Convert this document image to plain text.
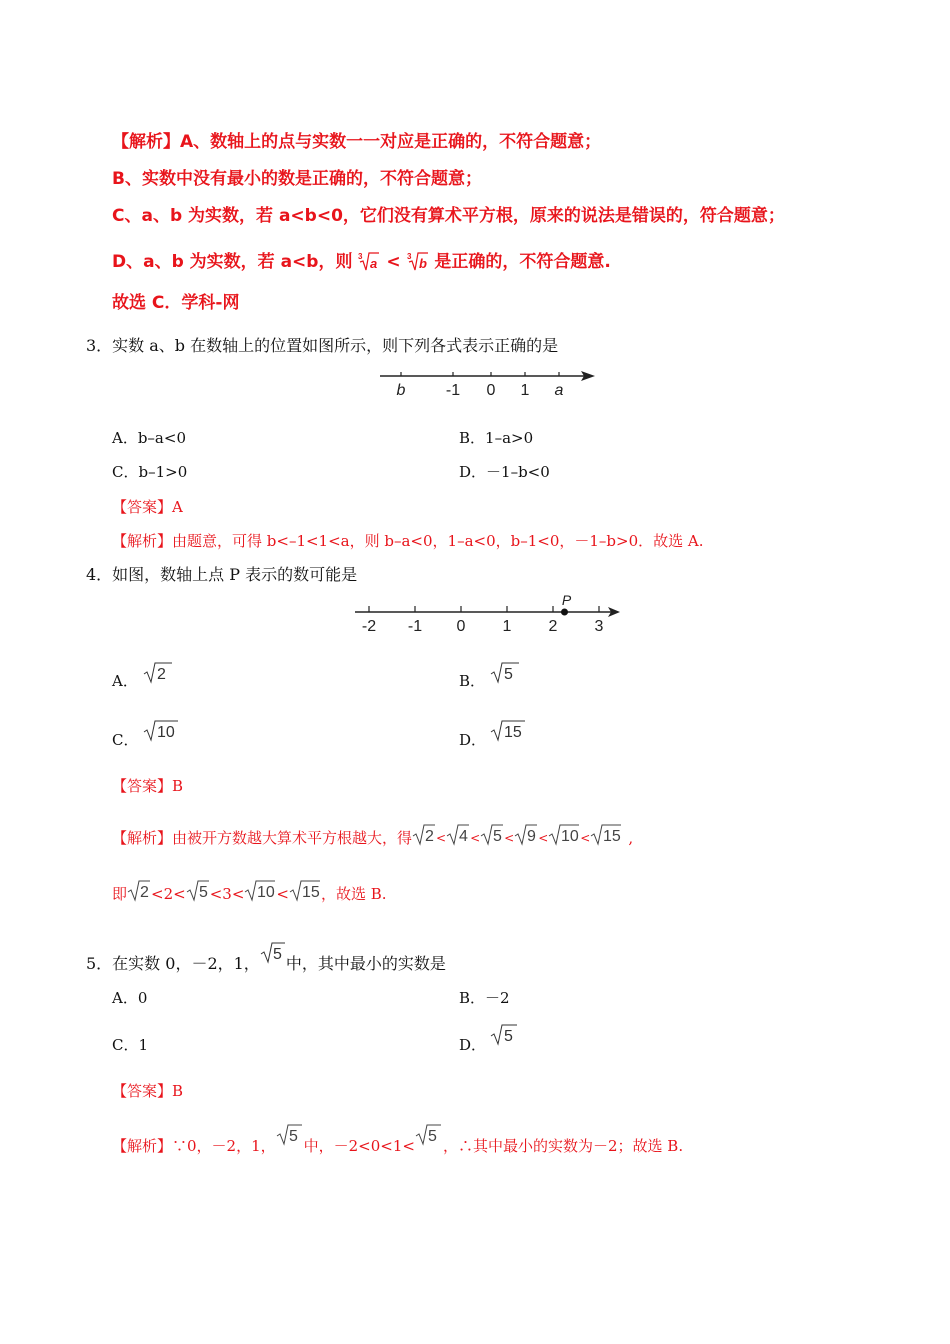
【解析】A、数轴上的点与实数一一对应是正确的，不符合题意；
B、实数中没有最小的数是正确的，不符合题意；
C、a、b 为实数，若 a<b<0，它们没有算术平方根，原来的说法是错误的，符合题意；
D、a、b 为实数，若 a<b，则 3 a < 3 b 是正确的，不符合题意.
故选 C．学科-网
3．实数 a、b 在数轴上的位置如图所示，则下列各式表示正确的是
b	-1 0 1 a
A．b–a<0	B．1–a>0
C．b–1>0	D．－1–b<0
【答案】A
【解析】由题意，可得 b<–1<1<a，则 b–a<0，1–a<0，b–1<0，－1–b>0．故选 A.
4．如图，数轴上点 P 表示的数可能是
-2 -1 0 1 2 3
P
A． 2	B． 5
C． 10	D． 15
【答案】B
【解析】由被开方数越大算术平方根越大，得 2 < 4 < 5 < 9 < 10 < 15 ,
即 2 <2< 5 <3< 10 < 15 ，故选 B.
5．在实数 0，－2，1， 5 中，其中最小的实数是
A．0	B．－2
C．1	D． 5
【答案】B
【解析】∵0，－2，1，
5
中，－2<0<1<
5
，∴其中最小的实数为－2；故选 B.
